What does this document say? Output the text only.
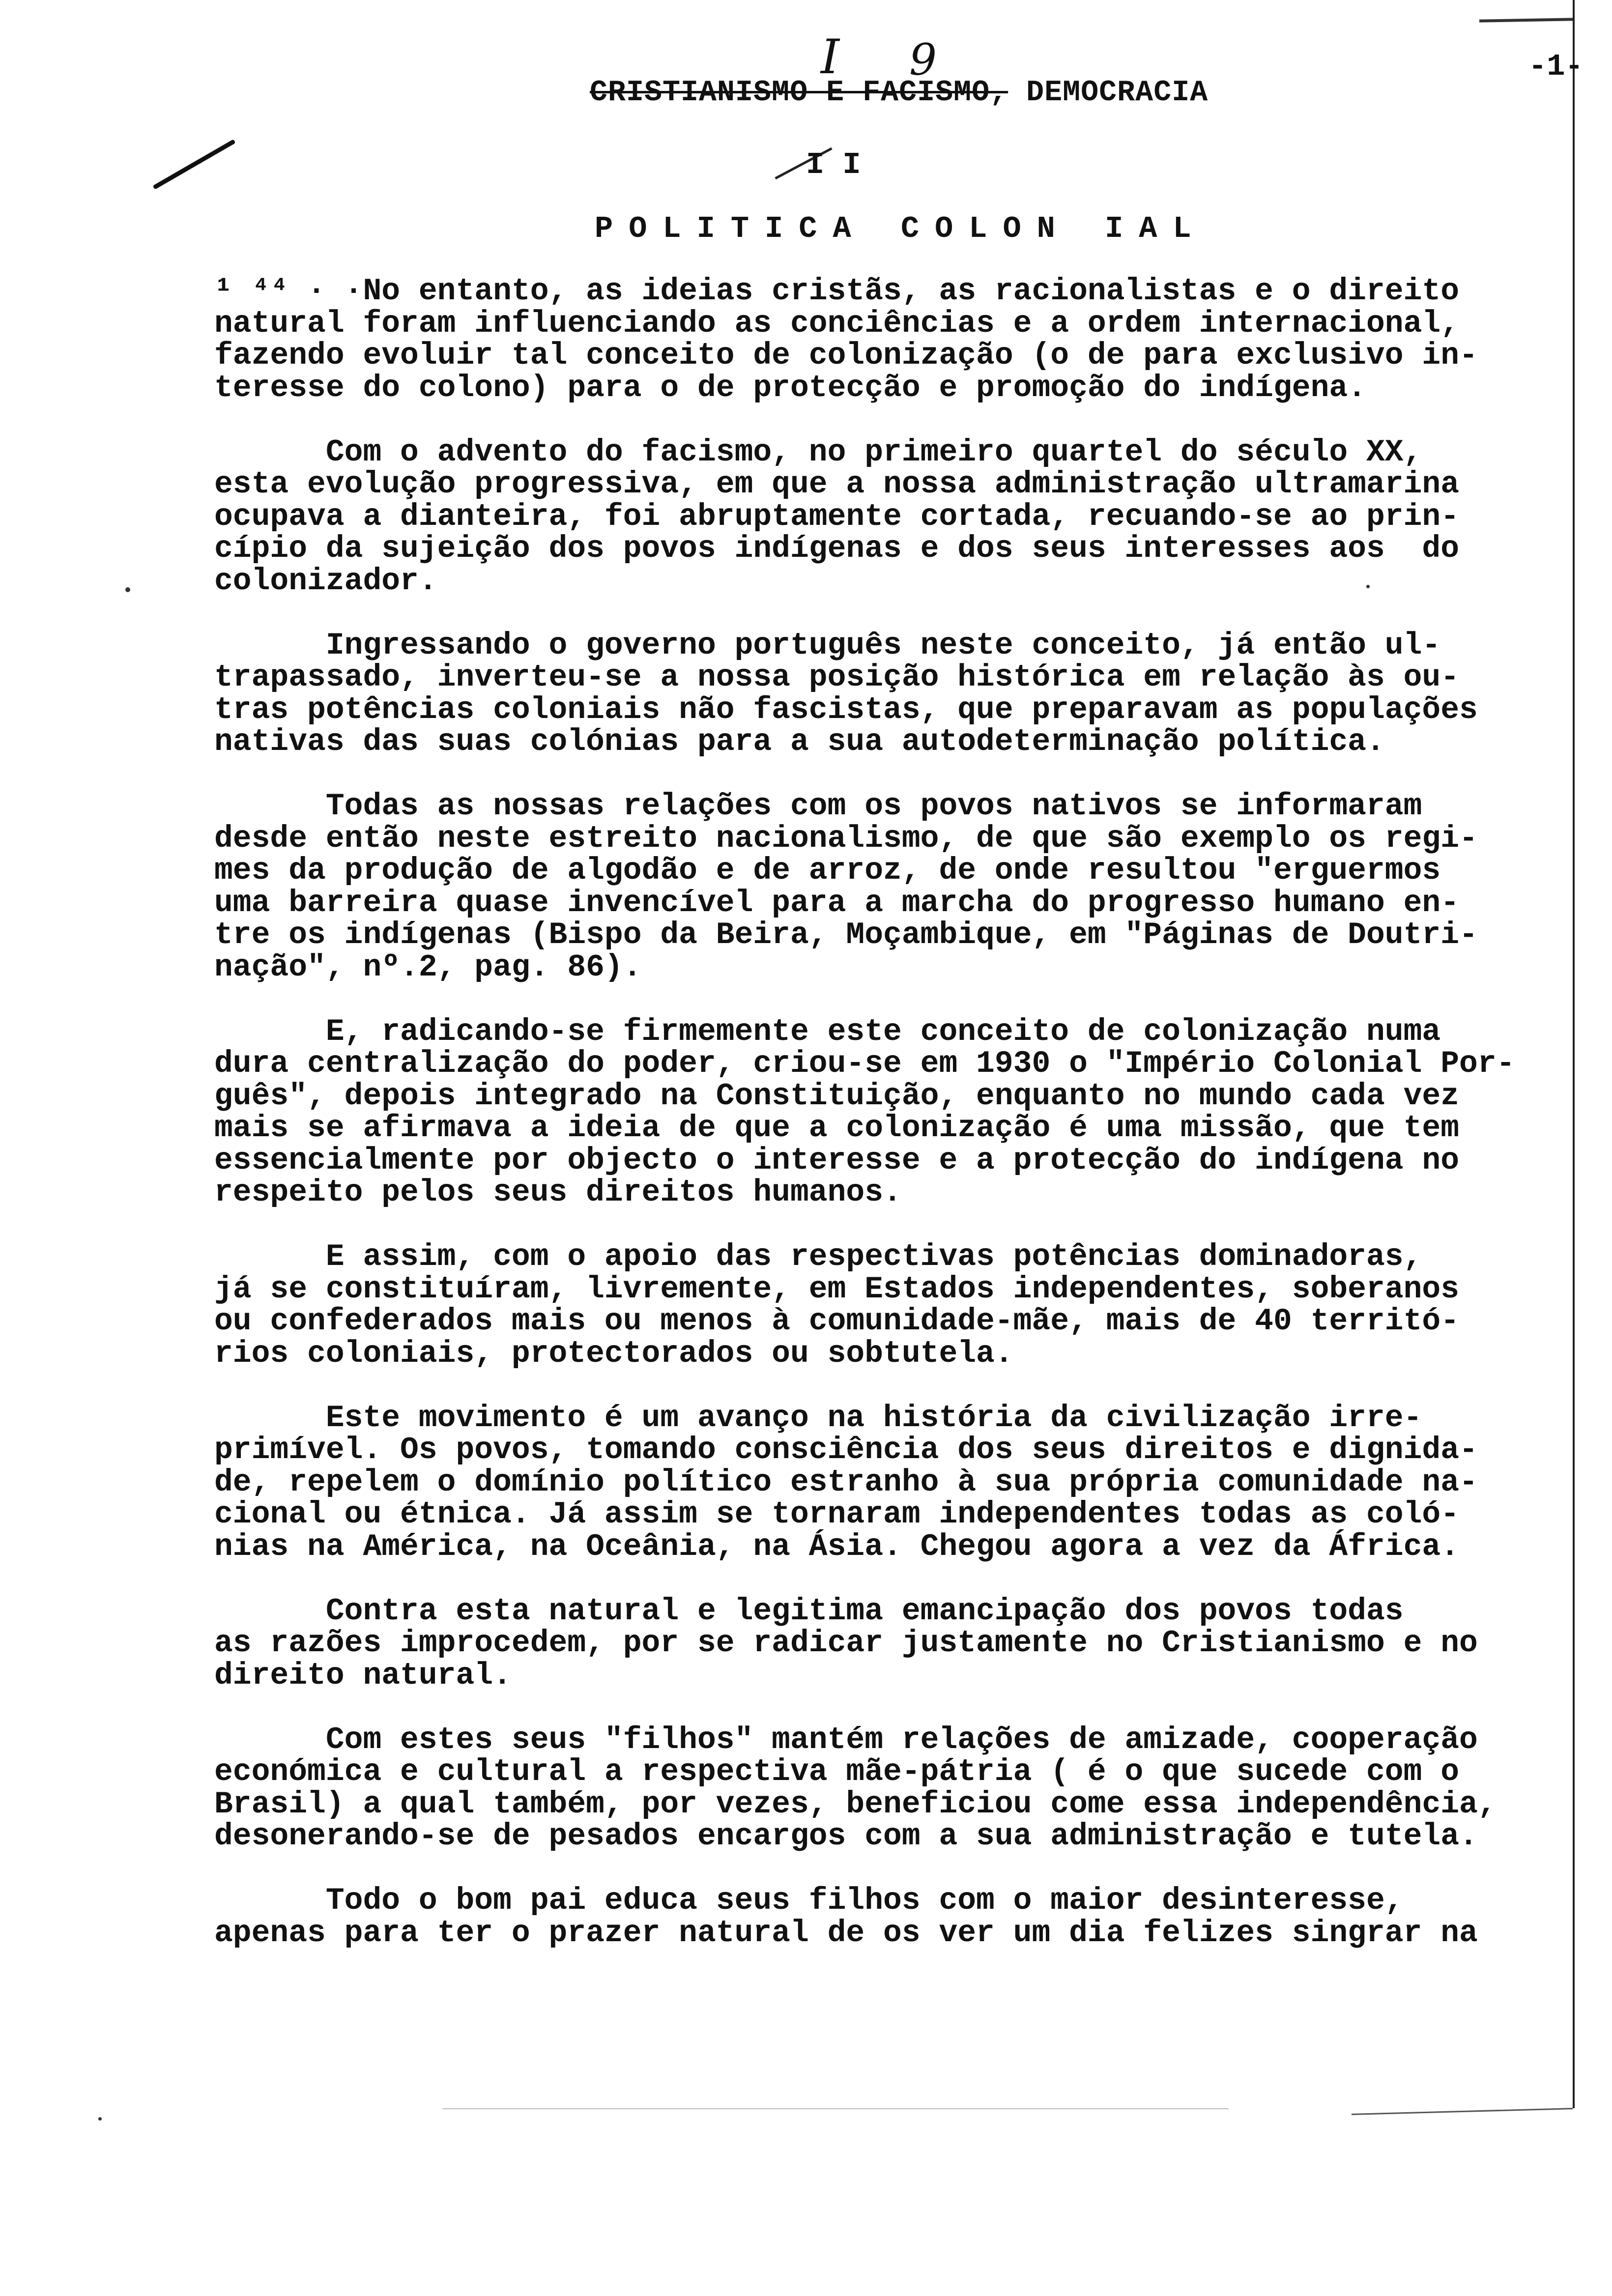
-1-
I 9
CRISTIANISMO E FACISMO, DEMOCRACIA
I I
POLITICA COLON IAL
¹ ⁴⁴ · ·No entanto, as ideias cristãs, as racionalistas e o direito
natural foram influenciando as conciências e a ordem internacional,
fazendo evoluir tal conceito de colonização (o de para exclusivo in-
teresse do colono) para o de protecção e promoção do indígena.
Com o advento do facismo, no primeiro quartel do século XX,
esta evolução progressiva, em que a nossa administração ultramarina
ocupava a dianteira, foi abruptamente cortada, recuando-se ao prin-
cípio da sujeição dos povos indígenas e dos seus interesses aos  do
colonizador.
Ingressando o governo português neste conceito, já então ul-
trapassado, inverteu-se a nossa posição histórica em relação às ou-
tras potências coloniais não fascistas, que preparavam as populações
nativas das suas colónias para a sua autodeterminação política.
Todas as nossas relações com os povos nativos se informaram
desde então neste estreito nacionalismo, de que são exemplo os regi-
mes da produção de algodão e de arroz, de onde resultou "erguermos
uma barreira quase invencível para a marcha do progresso humano en-
tre os indígenas (Bispo da Beira, Moçambique, em "Páginas de Doutri-
nação", nº.2, pag. 86).
E, radicando-se firmemente este conceito de colonização numa
dura centralização do poder, criou-se em 1930 o "Império Colonial Por-
guês", depois integrado na Constituição, enquanto no mundo cada vez
mais se afirmava a ideia de que a colonização é uma missão, que tem
essencialmente por objecto o interesse e a protecção do indígena no
respeito pelos seus direitos humanos.
E assim, com o apoio das respectivas potências dominadoras,
já se constituíram, livremente, em Estados independentes, soberanos
ou confederados mais ou menos à comunidade-mãe, mais de 40 territó-
rios coloniais, protectorados ou sobtutela.
Este movimento é um avanço na história da civilização irre-
primível. Os povos, tomando consciência dos seus direitos e dignida-
de, repelem o domínio político estranho à sua própria comunidade na-
cional ou étnica. Já assim se tornaram independentes todas as coló-
nias na América, na Oceânia, na Ásia. Chegou agora a vez da África.
Contra esta natural e legitima emancipação dos povos todas
as razões improcedem, por se radicar justamente no Cristianismo e no
direito natural.
Com estes seus "filhos" mantém relações de amizade, cooperação
económica e cultural a respectiva mãe-pátria ( é o que sucede com o
Brasil) a qual também, por vezes, beneficiou come essa independência,
desonerando-se de pesados encargos com a sua administração e tutela.
Todo o bom pai educa seus filhos com o maior desinteresse,
apenas para ter o prazer natural de os ver um dia felizes singrar na
